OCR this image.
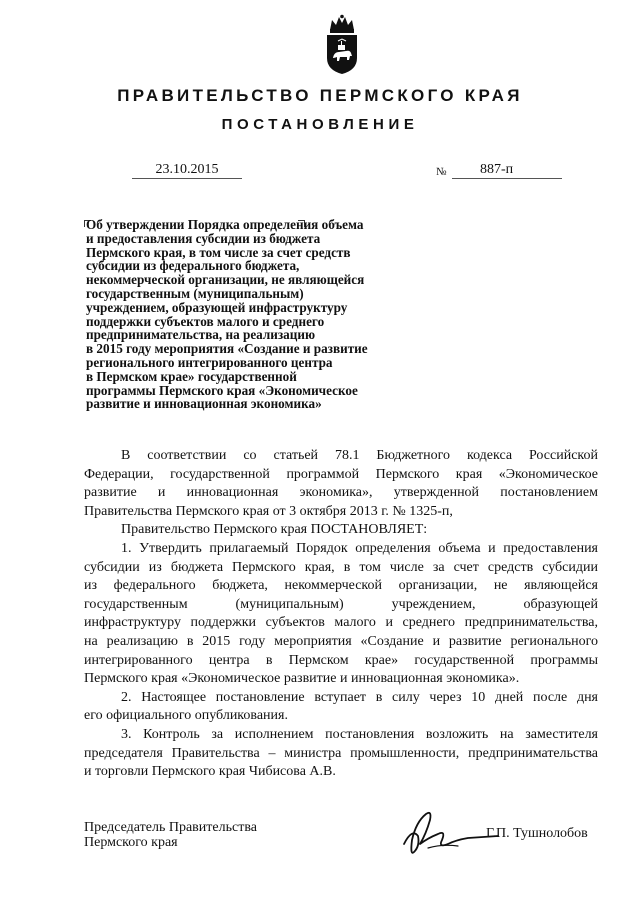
ПРАВИТЕЛЬСТВО ПЕРМСКОГО КРАЯ
ПОСТАНОВЛЕНИЕ
23.10.2015	№	887-п
Об утверждении Порядка определения объема
и предоставления субсидии из бюджета
Пермского края, в том числе за счет средств
субсидии из федерального бюджета,
некоммерческой организации, не являющейся
государственным (муниципальным)
учреждением, образующей инфраструктуру
поддержки субъектов малого и среднего
предпринимательства, на реализацию
в 2015 году мероприятия «Создание и развитие
регионального интегрированного центра
в Пермском крае» государственной
программы Пермского края «Экономическое
развитие и инновационная экономика»
В соответствии со статьей 78.1 Бюджетного кодекса Российской
Федерации, государственной программой Пермского края «Экономическое
развитие и инновационная экономика», утвержденной постановлением
Правительства Пермского края от 3 октября 2013 г. № 1325-п,
Правительство Пермского края ПОСТАНОВЛЯЕТ:
1. Утвердить прилагаемый Порядок определения объема и предоставления
субсидии из бюджета Пермского края, в том числе за счет средств субсидии
из федерального бюджета, некоммерческой организации, не являющейся
государственным (муниципальным) учреждением, образующей
инфраструктуру поддержки субъектов малого и среднего предпринимательства,
на реализацию в 2015 году мероприятия «Создание и развитие регионального
интегрированного центра в Пермском крае» государственной программы
Пермского края «Экономическое развитие и инновационная экономика».
2. Настоящее постановление вступает в силу через 10 дней после дня
его официального опубликования.
3. Контроль за исполнением постановления возложить на заместителя
председателя Правительства – министра промышленности, предпринимательства
и торговли Пермского края Чибисова А.В.
Председатель Правительства
Пермского края
Г.П. Тушнолобов
